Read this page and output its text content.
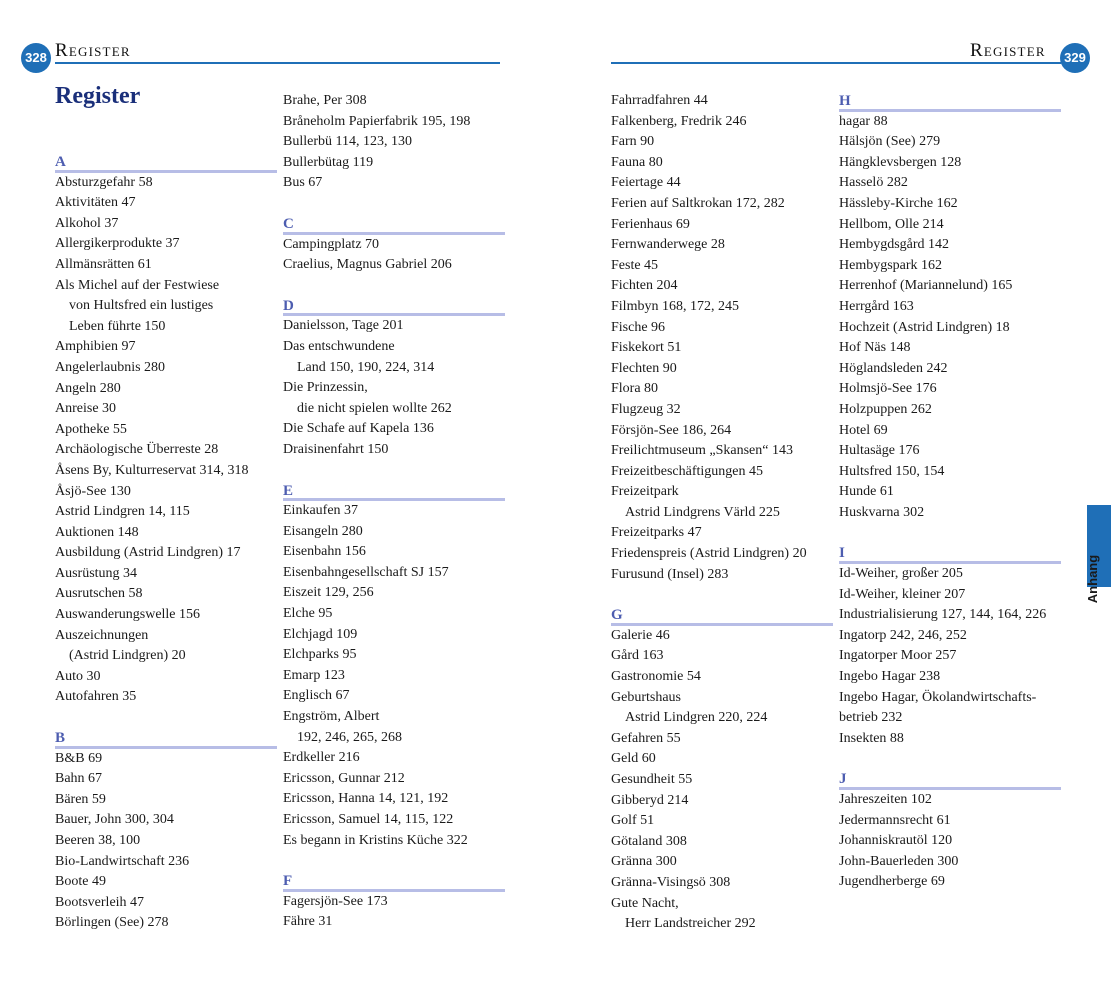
328 Register	329
Register
Register
Anhang
A
Absturzgefahr 58
Aktivitäten 47
Alkohol 37
Allergikerprodukte 37
Allmänsrätten 61
Als Michel auf der Festwiese
von Hultsfred ein lustiges
Leben führte 150
Amphibien 97
Angelerlaubnis 280
Angeln 280
Anreise 30
Apotheke 55
Archäologische Überreste 28
Åsens By, Kulturreservat 314, 318
Åsjö-See 130
Astrid Lindgren 14, 115
Auktionen 148
Ausbildung (Astrid Lindgren) 17
Ausrüstung 34
Ausrutschen 58
Auswanderungswelle 156
Auszeichnungen
(Astrid Lindgren) 20
Auto 30
Autofahren 35
B
B&B 69
Bahn 67
Bären 59
Bauer, John 300, 304
Beeren 38, 100
Bio-Landwirtschaft 236
Boote 49
Bootsverleih 47
Börlingen (See) 278
Brahe, Per 308
Bråneholm Papierfabrik 195, 198
Bullerbü 114, 123, 130
Bullerbütag 119
Bus 67
C
Campingplatz 70
Craelius, Magnus Gabriel 206
D
Danielsson, Tage 201
Das entschwundene
Land 150, 190, 224, 314
Die Prinzessin,
die nicht spielen wollte 262
Die Schafe auf Kapela 136
Draisinenfahrt 150
E
Einkaufen 37
Eisangeln 280
Eisenbahn 156
Eisenbahngesellschaft SJ 157
Eiszeit 129, 256
Elche 95
Elchjagd 109
Elchparks 95
Emarp 123
Englisch 67
Engström, Albert
192, 246, 265, 268
Erdkeller 216
Ericsson, Gunnar 212
Ericsson, Hanna 14, 121, 192
Ericsson, Samuel 14, 115, 122
Es begann in Kristins Küche 322
F
Fagersjön-See 173
Fähre 31
Fahrradfahren 44
Falkenberg, Fredrik 246
Farn 90
Fauna 80
Feiertage 44
Ferien auf Saltkrokan 172, 282
Ferienhaus 69
Fernwanderwege 28
Feste 45
Fichten 204
Filmbyn 168, 172, 245
Fische 96
Fiskekort 51
Flechten 90
Flora 80
Flugzeug 32
Försjön-See 186, 264
Freilichtmuseum „Skansen“ 143
Freizeitbeschäftigungen 45
Freizeitpark
Astrid Lindgrens Värld 225
Freizeitparks 47
Friedenspreis (Astrid Lindgren) 20
Furusund (Insel) 283
G
Galerie 46
Gård 163
Gastronomie 54
Geburtshaus
Astrid Lindgren 220, 224
Gefahren 55
Geld 60
Gesundheit 55
Gibberyd 214
Golf 51
Götaland 308
Gränna 300
Gränna-Visingsö 308
Gute Nacht,
Herr Landstreicher 292
H
hagar 88
Hälsjön (See) 279
Hängklevsbergen 128
Hasselö 282
Hässleby-Kirche 162
Hellbom, Olle 214
Hembygdsgård 142
Hembygspark 162
Herrenhof (Mariannelund) 165
Herrgård 163
Hochzeit (Astrid Lindgren) 18
Hof Näs 148
Höglandsleden 242
Holmsjö-See 176
Holzpuppen 262
Hotel 69
Hultasäge 176
Hultsfred 150, 154
Hunde 61
Huskvarna 302
I
Id-Weiher, großer 205
Id-Weiher, kleiner 207
Industrialisierung 127, 144, 164, 226
Ingatorp 242, 246, 252
Ingatorper Moor 257
Ingebo Hagar 238
Ingebo Hagar, Ökolandwirtschafts-
betrieb 232
Insekten 88
J
Jahreszeiten 102
Jedermannsrecht 61
Johanniskrautöl 120
John-Bauerleden 300
Jugendherberge 69
